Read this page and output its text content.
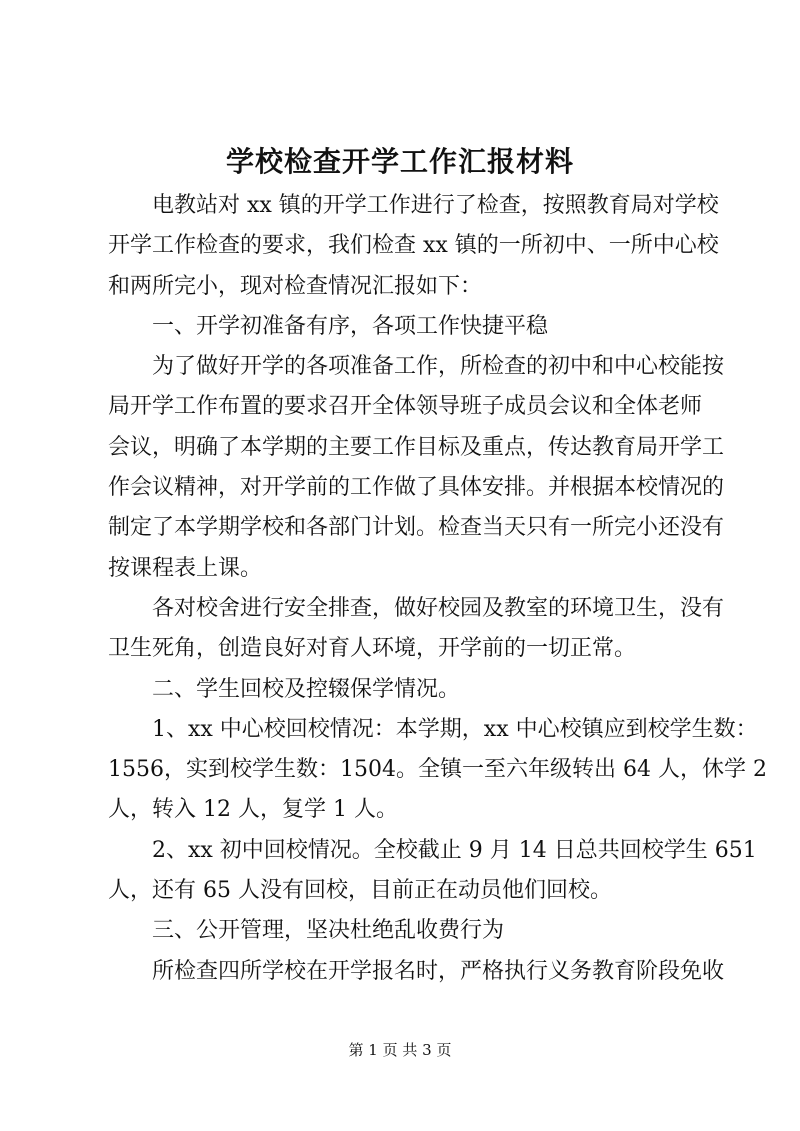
学校检查开学工作汇报材料
电教站对 xx 镇的开学工作进行了检查，按照教育局对学校
开学工作检查的要求，我们检查 xx 镇的一所初中、一所中心校
和两所完小，现对检查情况汇报如下：
一、开学初准备有序，各项工作快捷平稳
为了做好开学的各项准备工作，所检查的初中和中心校能按
局开学工作布置的要求召开全体领导班子成员会议和全体老师
会议，明确了本学期的主要工作目标及重点，传达教育局开学工
作会议精神，对开学前的工作做了具体安排。并根据本校情况的
制定了本学期学校和各部门计划。检查当天只有一所完小还没有
按课程表上课。
各对校舍进行安全排查，做好校园及教室的环境卫生，没有
卫生死角，创造良好对育人环境，开学前的一切正常。
二、学生回校及控辍保学情况。
1、xx 中心校回校情况：本学期，xx 中心校镇应到校学生数：
1556，实到校学生数：1504。全镇一至六年级转出 64 人，休学 2
人，转入 12 人，复学 1 人。
2、xx 初中回校情况。全校截止 9 月 14 日总共回校学生 651
人，还有 65 人没有回校，目前正在动员他们回校。
三、公开管理，坚决杜绝乱收费行为
所检查四所学校在开学报名时，严格执行义务教育阶段免收
第 1 页 共 3 页
